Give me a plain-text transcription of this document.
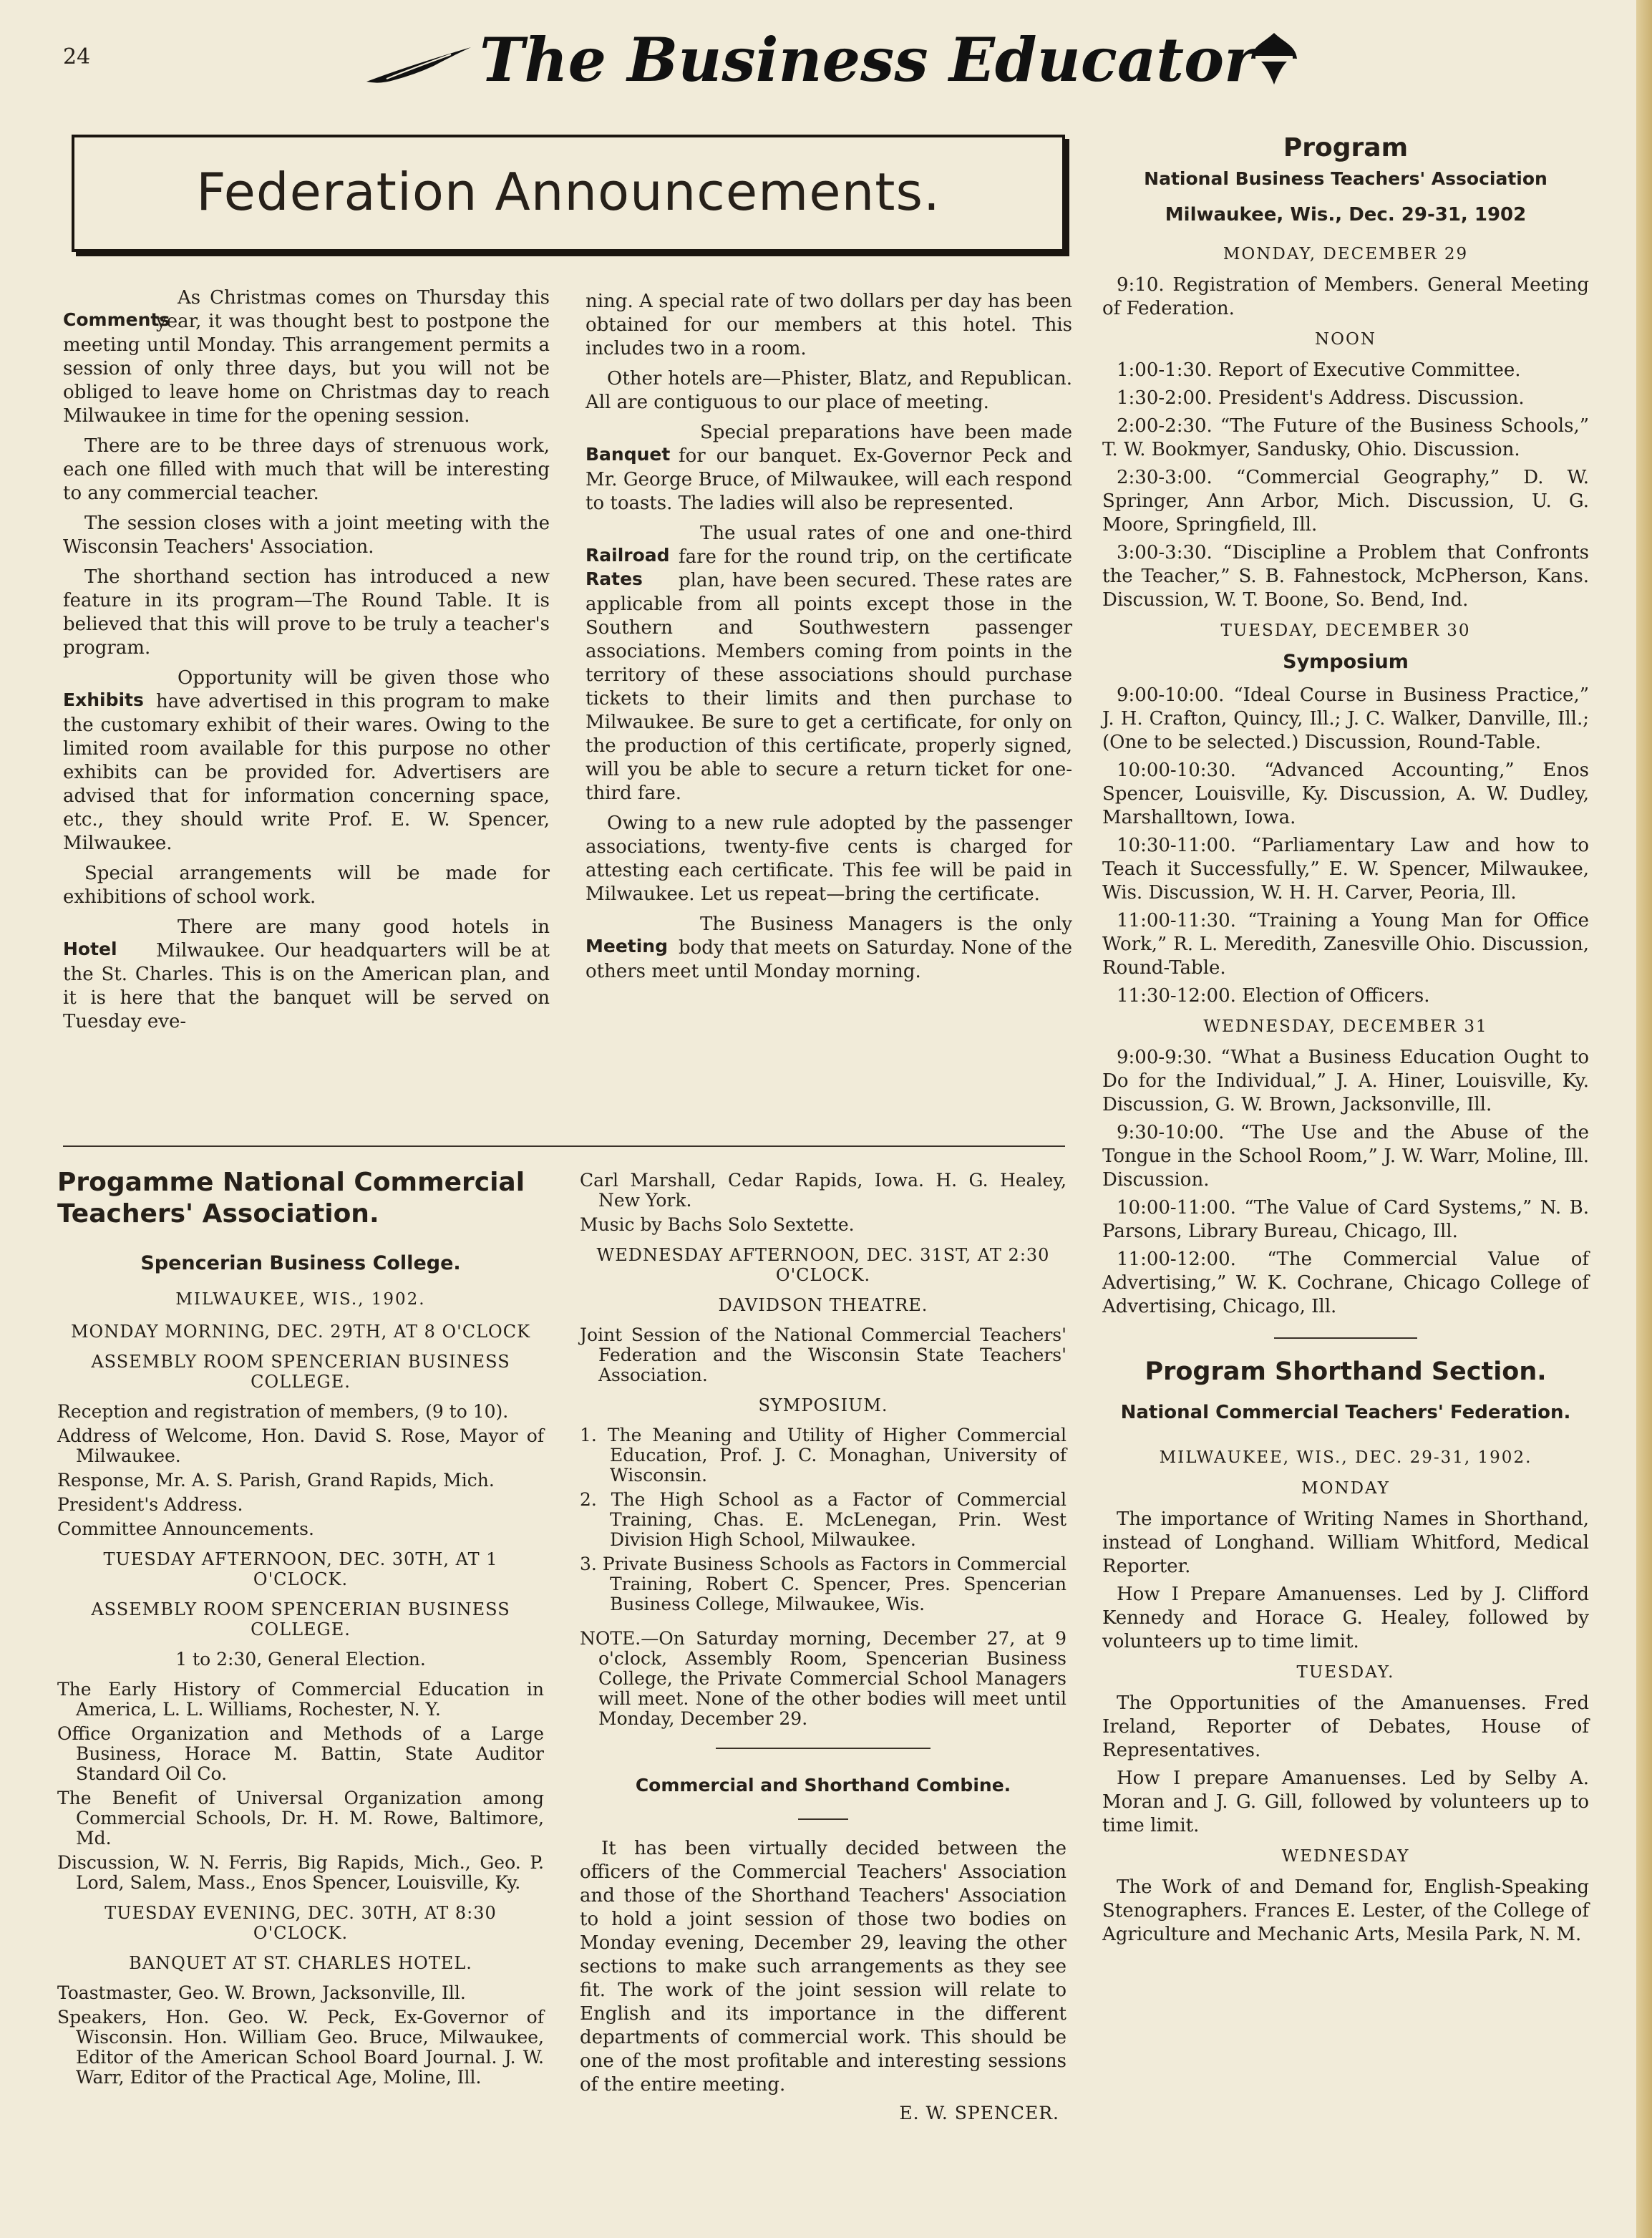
24	The Business Educator
Federation Announcements.

Comments
As Christmas comes on Thursday this year, it was thought best to postpone the meeting until Monday. This arrangement permits a session of only three days, but you will not be obliged to leave home on Christmas day to reach Milwaukee in time for the opening session.

There are to be three days of strenuous work, each one filled with much that will be interesting to any commercial teacher.

The session closes with a joint meeting with the Wisconsin Teachers' Association.

The shorthand section has introduced a new feature in its program—The Round Table. It is believed that this will prove to be truly a teacher's program.

Exhibits
Opportunity will be given those who have advertised in this program to make the customary exhibit of their wares. Owing to the limited room available for this purpose no other exhibits can be provided for. Advertisers are advised that for information concerning space, etc., they should write Prof. E. W. Spencer, Milwaukee.

Special arrangements will be made for exhibitions of school work.

Hotel
There are many good hotels in Milwaukee. Our headquarters will be at the St. Charles. This is on the American plan, and it is here that the banquet will be served on Tuesday eve-

ning. A special rate of two dollars per day has been obtained for our members at this hotel. This includes two in a room.

Other hotels are—Phister, Blatz, and Republican. All are contiguous to our place of meeting.

Banquet
Special preparations have been made for our banquet. Ex-Governor Peck and Mr. George Bruce, of Milwaukee, will each respond to toasts. The ladies will also be represented.

Railroad Rates
The usual rates of one and one-third fare for the round trip, on the certificate plan, have been secured. These rates are applicable from all points except those in the Southern and Southwestern passenger associations. Members coming from points in the territory of these associations should purchase tickets to their limits and then purchase to Milwaukee. Be sure to get a certificate, for only on the production of this certificate, properly signed, will you be able to secure a return ticket for one-third fare.

Owing to a new rule adopted by the passenger associations, twenty-five cents is charged for attesting each certificate. This fee will be paid in Milwaukee. Let us repeat—bring the certificate.

Meeting
The Business Managers is the only body that meets on Saturday. None of the others meet until Monday morning.

Program
National Business Teachers' Association
Milwaukee, Wis., Dec. 29-31, 1902
MONDAY, DECEMBER 29

9:10. Registration of Members. General Meeting of Federation.

NOON

1:00-1:30. Report of Executive Committee.

1:30-2:00. President's Address. Discussion.

2:00-2:30. “The Future of the Business Schools,” T. W. Bookmyer, Sandusky, Ohio. Discussion.

2:30-3:00. “Commercial Geography,” D. W. Springer, Ann Arbor, Mich. Discussion, U. G. Moore, Springfield, Ill.

3:00-3:30. “Discipline a Problem that Confronts the Teacher,” S. B. Fahnestock, McPherson, Kans. Discussion, W. T. Boone, So. Bend, Ind.

TUESDAY, DECEMBER 30
Symposium

9:00-10:00. “Ideal Course in Business Practice,” J. H. Crafton, Quincy, Ill.; J. C. Walker, Danville, Ill.; (One to be selected.) Discussion, Round-Table.

10:00-10:30. “Advanced Accounting,” Enos Spencer, Louisville, Ky. Discussion, A. W. Dudley, Marshalltown, Iowa.

10:30-11:00. “Parliamentary Law and how to Teach it Successfully,” E. W. Spencer, Milwaukee, Wis. Discussion, W. H. H. Carver, Peoria, Ill.

11:00-11:30. “Training a Young Man for Office Work,” R. L. Meredith, Zanesville Ohio. Discussion, Round-Table.

11:30-12:00. Election of Officers.

WEDNESDAY, DECEMBER 31

9:00-9:30. “What a Business Education Ought to Do for the Individual,” J. A. Hiner, Louisville, Ky. Discussion, G. W. Brown, Jacksonville, Ill.

9:30-10:00. “The Use and the Abuse of the Tongue in the School Room,” J. W. Warr, Moline, Ill. Discussion.

10:00-11:00. “The Value of Card Systems,” N. B. Parsons, Library Bureau, Chicago, Ill.

11:00-12:00. “The Commercial Value of Advertising,” W. K. Cochrane, Chicago College of Advertising, Chicago, Ill.

Program Shorthand Section.
National Commercial Teachers' Federation.
MILWAUKEE, WIS., DEC. 29-31, 1902.
MONDAY

The importance of Writing Names in Shorthand, instead of Longhand. William Whitford, Medical Reporter.

How I Prepare Amanuenses. Led by J. Clifford Kennedy and Horace G. Healey, followed by volunteers up to time limit.

TUESDAY.

The Opportunities of the Amanuenses. Fred Ireland, Reporter of Debates, House of Representatives.

How I prepare Amanuenses. Led by Selby A. Moran and J. G. Gill, followed by volunteers up to time limit.

WEDNESDAY

The Work of and Demand for, English-Speaking Stenographers. Frances E. Lester, of the College of Agriculture and Mechanic Arts, Mesila Park, N. M.

Progamme National Commercial Teachers' Association.
Spencerian Business College.
MILWAUKEE, WIS., 1902.

MONDAY MORNING, DEC. 29TH, AT 8 O'CLOCK

ASSEMBLY ROOM SPENCERIAN BUSINESS COLLEGE.

Reception and registration of members, (9 to 10).

Address of Welcome, Hon. David S. Rose, Mayor of Milwaukee.

Response, Mr. A. S. Parish, Grand Rapids, Mich.

President's Address.

Committee Announcements.

TUESDAY AFTERNOON, DEC. 30TH, AT 1 O'CLOCK.

ASSEMBLY ROOM SPENCERIAN BUSINESS COLLEGE.

1 to 2:30, General Election.

The Early History of Commercial Education in America, L. L. Williams, Rochester, N. Y.

Office Organization and Methods of a Large Business, Horace M. Battin, State Auditor Standard Oil Co.

The Benefit of Universal Organization among Commercial Schools, Dr. H. M. Rowe, Baltimore, Md.

Discussion, W. N. Ferris, Big Rapids, Mich., Geo. P. Lord, Salem, Mass., Enos Spencer, Louisville, Ky.

TUESDAY EVENING, DEC. 30TH, AT 8:30 O'CLOCK.

BANQUET AT ST. CHARLES HOTEL.

Toastmaster, Geo. W. Brown, Jacksonville, Ill.

Speakers, Hon. Geo. W. Peck, Ex-Governor of Wisconsin. Hon. William Geo. Bruce, Milwaukee, Editor of the American School Board Journal. J. W. Warr, Editor of the Practical Age, Moline, Ill.

Carl Marshall, Cedar Rapids, Iowa. H. G. Healey, New York.

Music by Bachs Solo Sextette.

WEDNESDAY AFTERNOON, DEC. 31ST, AT 2:30 O'CLOCK.

DAVIDSON THEATRE.

Joint Session of the National Commercial Teachers' Federation and the Wisconsin State Teachers' Association.

SYMPOSIUM.

1. The Meaning and Utility of Higher Commercial Education, Prof. J. C. Monaghan, University of Wisconsin.

2. The High School as a Factor of Commercial Training, Chas. E. McLenegan, Prin. West Division High School, Milwaukee.

3. Private Business Schools as Factors in Commercial Training, Robert C. Spencer, Pres. Spencerian Business College, Milwaukee, Wis.

NOTE.—On Saturday morning, December 27, at 9 o'clock, Assembly Room, Spencerian Business College, the Private Commercial School Managers will meet. None of the other bodies will meet until Monday, December 29.

Commercial and Shorthand Combine.

It has been virtually decided between the officers of the Commercial Teachers' Association and those of the Shorthand Teachers' Association to hold a joint session of those two bodies on Monday evening, December 29, leaving the other sections to make such arrangements as they see fit. The work of the joint session will relate to English and its importance in the different departments of commercial work. This should be one of the most profitable and interesting sessions of the entire meeting.

E. W. SPENCER.
